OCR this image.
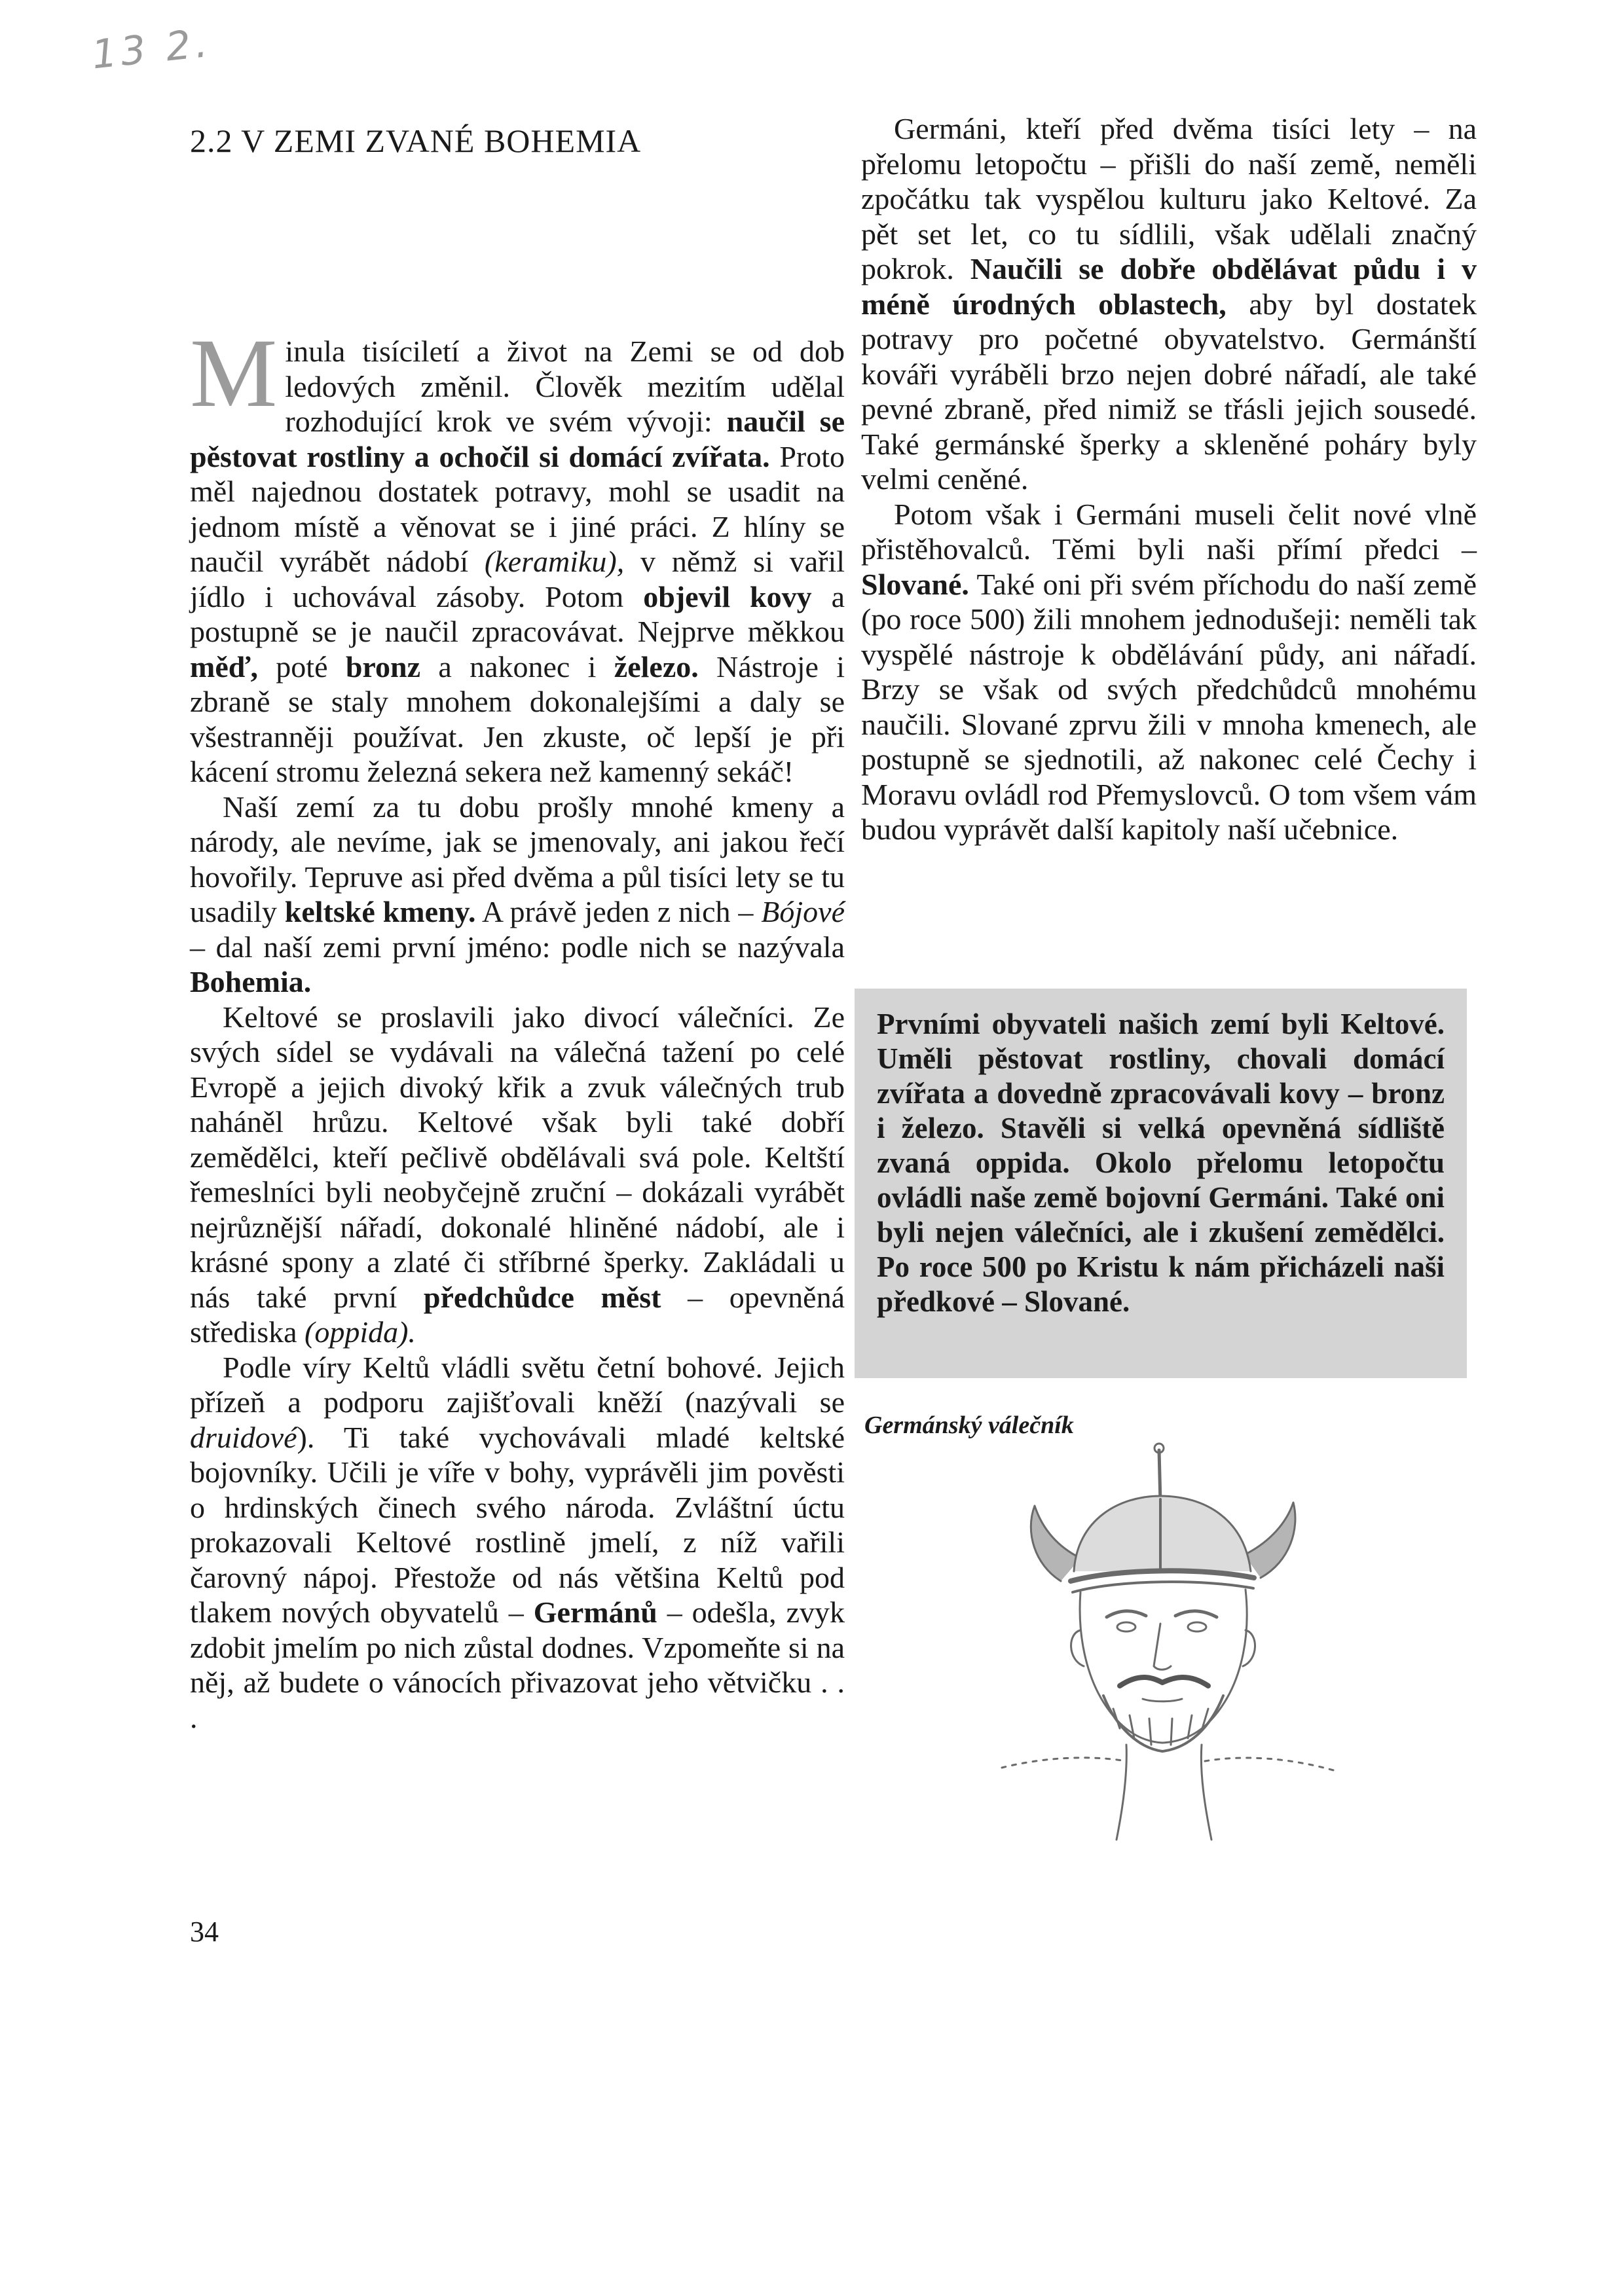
13 2.
2.2 V ZEMI ZVANÉ BOHEMIA

Minula tisíciletí a život na Zemi se od dob ledových změnil. Člověk mezitím udělal rozhodující krok ve svém vývoji: naučil se pěstovat rostliny a ochočil si domácí zvířata. Proto měl najednou dostatek potravy, mohl se usadit na jednom místě a věnovat se i jiné práci. Z hlíny se naučil vyrábět nádobí (keramiku), v němž si vařil jídlo i uchovával zásoby. Potom objevil kovy a postupně se je naučil zpracovávat. Nejprve měkkou měď, poté bronz a nakonec i železo. Nástroje i zbraně se staly mnohem dokonalejšími a daly se všestranněji používat. Jen zkuste, oč lepší je při kácení stromu železná sekera než kamenný sekáč!

Naší zemí za tu dobu prošly mnohé kmeny a národy, ale nevíme, jak se jmenovaly, ani jakou řečí hovořily. Tepruve asi před dvěma a půl tisíci lety se tu usadily keltské kmeny. A právě jeden z nich – Bójové – dal naší zemi první jméno: podle nich se nazývala Bohemia.

Keltové se proslavili jako divocí válečníci. Ze svých sídel se vydávali na válečná tažení po celé Evropě a jejich divoký křik a zvuk válečných trub naháněl hrůzu. Keltové však byli také dobří zemědělci, kteří pečlivě obdělávali svá pole. Keltští řemeslníci byli neobyčejně zruční – dokázali vyrábět nejrůznější nářadí, dokonalé hliněné nádobí, ale i krásné spony a zlaté či stříbrné šperky. Zakládali u nás také první předchůdce měst – opevněná střediska (oppida).

Podle víry Keltů vládli světu četní bohové. Jejich přízeň a podporu zajišťovali kněží (nazývali se druidové). Ti také vychovávali mladé keltské bojovníky. Učili je víře v bohy, vyprávěli jim pověsti o hrdinských činech svého národa. Zvláštní úctu prokazovali Keltové rostlině jmelí, z níž vařili čarovný nápoj. Přestože od nás většina Keltů pod tlakem nových obyvatelů – Germánů – odešla, zvyk zdobit jmelím po nich zůstal dodnes. Vzpomeňte si na něj, až budete o vánocích přivazovat jeho větvičku . . .

Germáni, kteří před dvěma tisíci lety – na přelomu letopočtu – přišli do naší země, neměli zpočátku tak vyspělou kulturu jako Keltové. Za pět set let, co tu sídlili, však udělali značný pokrok. Naučili se dobře obdělávat půdu i v méně úrodných oblastech, aby byl dostatek potravy pro početné obyvatelstvo. Germánští kováři vyráběli brzo nejen dobré nářadí, ale také pevné zbraně, před nimiž se třásli jejich sousedé. Také germánské šperky a skleněné poháry byly velmi ceněné.

Potom však i Germáni museli čelit nové vlně přistěhovalců. Těmi byli naši přímí předci – Slované. Také oni při svém příchodu do naší země (po roce 500) žili mnohem jednodušeji: neměli tak vyspělé nástroje k obdělávání půdy, ani nářadí. Brzy se však od svých předchůdců mnohému naučili. Slované zprvu žili v mnoha kmenech, ale postupně se sjednotili, až nakonec celé Čechy i Moravu ovládl rod Přemyslovců. O tom všem vám budou vyprávět další kapitoly naší učebnice.

Prvními obyvateli našich zemí byli Keltové. Uměli pěstovat rostliny, chovali domácí zvířata a dovedně zpracovávali kovy – bronz i železo. Stavěli si velká opevněná sídliště zvaná oppida. Okolo přelomu letopočtu ovládli naše země bojovní Germáni. Také oni byli nejen válečníci, ale i zkušení zemědělci. Po roce 500 po Kristu k nám přicházeli naši předkové – Slované.

Germánský válečník
34
